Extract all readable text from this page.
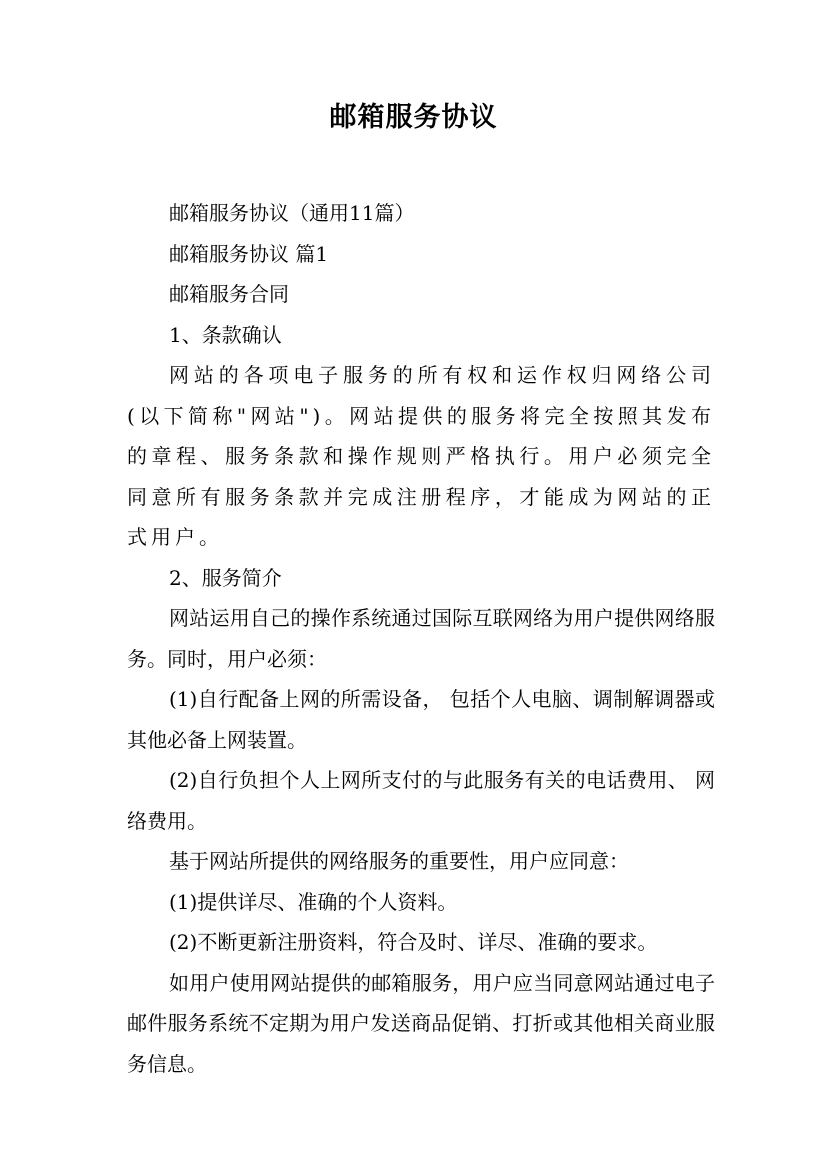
邮箱服务协议

邮箱服务协议（通用11篇）

邮箱服务协议 篇1

邮箱服务合同

1、条款确认

网站的各项电子服务的所有权和运作权归网络公司(以下简称"网站")。网站提供的服务将完全按照其发布的章程、服务条款和操作规则严格执行。用户必须完全同意所有服务条款并完成注册程序，才能成为网站的正式用户。

2、服务简介

网站运用自己的操作系统通过国际互联网络为用户提供网络服务。同时，用户必须：

(1)自行配备上网的所需设备， 包括个人电脑、调制解调器或其他必备上网装置。

(2)自行负担个人上网所支付的与此服务有关的电话费用、 网络费用。

基于网站所提供的网络服务的重要性，用户应同意：

(1)提供详尽、准确的个人资料。

(2)不断更新注册资料，符合及时、详尽、准确的要求。

如用户使用网站提供的邮箱服务，用户应当同意网站通过电子邮件服务系统不定期为用户发送商品促销、打折或其他相关商业服务信息。
